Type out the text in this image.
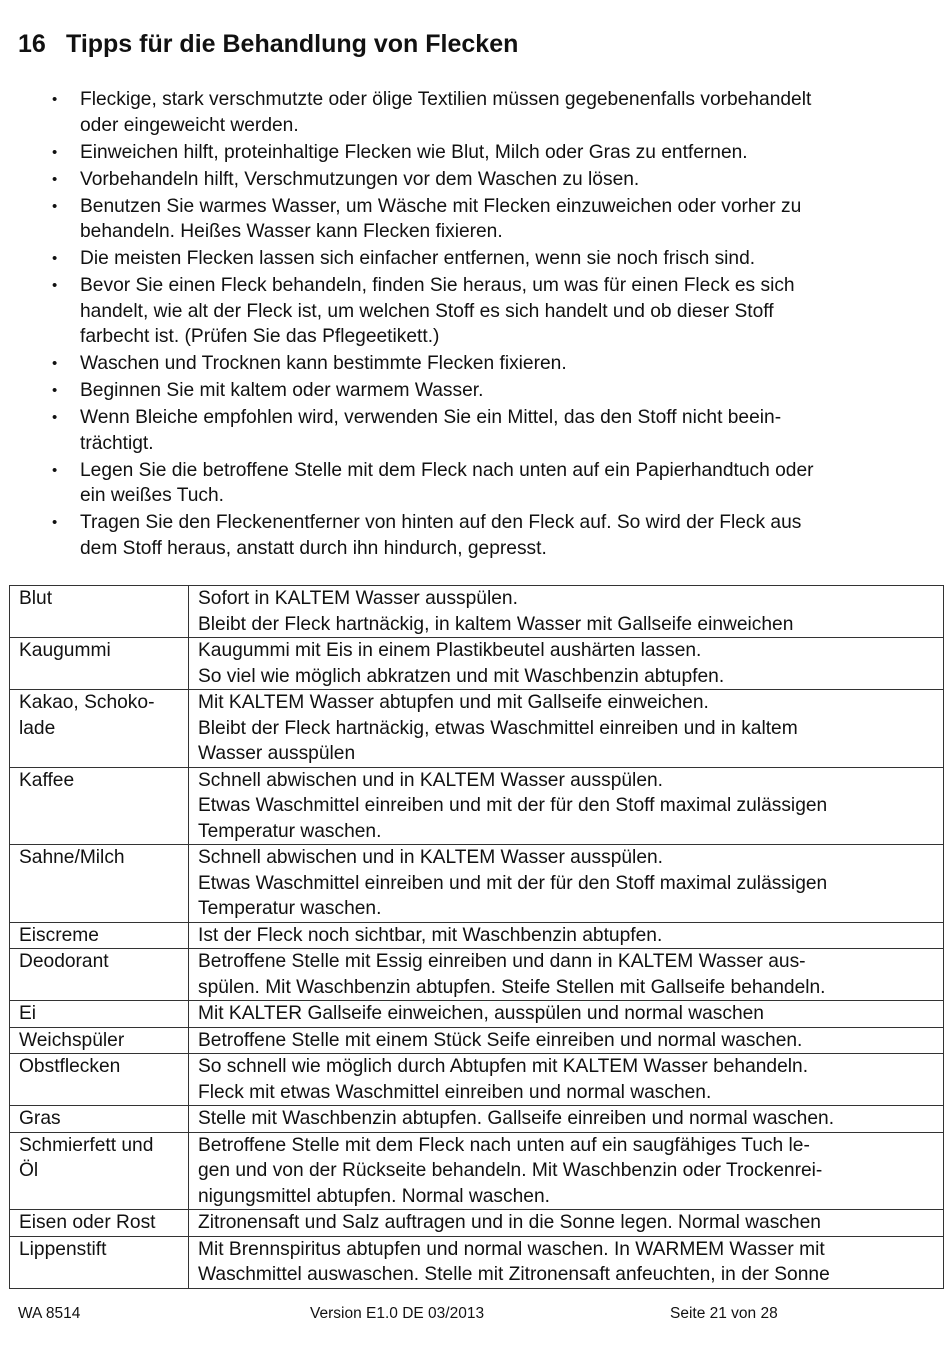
16 Tipps für die Behandlung von Flecken
• Fleckige, stark verschmutzte oder ölige Textilien müssen gegebenenfalls vorbehandelt
oder eingeweicht werden.
• Einweichen hilft, proteinhaltige Flecken wie Blut, Milch oder Gras zu entfernen.
• Vorbehandeln hilft, Verschmutzungen vor dem Waschen zu lösen.
• Benutzen Sie warmes Wasser, um Wäsche mit Flecken einzuweichen oder vorher zu
behandeln. Heißes Wasser kann Flecken fixieren.
• Die meisten Flecken lassen sich einfacher entfernen, wenn sie noch frisch sind.
• Bevor Sie einen Fleck behandeln, finden Sie heraus, um was für einen Fleck es sich
handelt, wie alt der Fleck ist, um welchen Stoff es sich handelt und ob dieser Stoff
farbecht ist. (Prüfen Sie das Pflegeetikett.)
• Waschen und Trocknen kann bestimmte Flecken fixieren.
• Beginnen Sie mit kaltem oder warmem Wasser.
• Wenn Bleiche empfohlen wird, verwenden Sie ein Mittel, das den Stoff nicht beein-
trächtigt.
• Legen Sie die betroffene Stelle mit dem Fleck nach unten auf ein Papierhandtuch oder
ein weißes Tuch.
• Tragen Sie den Fleckenentferner von hinten auf den Fleck auf. So wird der Fleck aus
dem Stoff heraus, anstatt durch ihn hindurch, gepresst.
Blut	Sofort in KALTEM Wasser ausspülen.
Bleibt der Fleck hartnäckig, in kaltem Wasser mit Gallseife einweichen

Kaugummi	Kaugummi mit Eis in einem Plastikbeutel aushärten lassen.
So viel wie möglich abkratzen und mit Waschbenzin abtupfen.

Kakao, Schoko-
lade	Mit KALTEM Wasser abtupfen und mit Gallseife einweichen.
Bleibt der Fleck hartnäckig, etwas Waschmittel einreiben und in kaltem
Wasser ausspülen

Kaffee	Schnell abwischen und in KALTEM Wasser ausspülen.
Etwas Waschmittel einreiben und mit der für den Stoff maximal zulässigen
Temperatur waschen.

Sahne/Milch	Schnell abwischen und in KALTEM Wasser ausspülen.
Etwas Waschmittel einreiben und mit der für den Stoff maximal zulässigen
Temperatur waschen.

Eiscreme	Ist der Fleck noch sichtbar, mit Waschbenzin abtupfen.

Deodorant	Betroffene Stelle mit Essig einreiben und dann in KALTEM Wasser aus-
spülen. Mit Waschbenzin abtupfen. Steife Stellen mit Gallseife behandeln.

Ei	Mit KALTER Gallseife einweichen, ausspülen und normal waschen

Weichspüler	Betroffene Stelle mit einem Stück Seife einreiben und normal waschen.

Obstflecken	So schnell wie möglich durch Abtupfen mit KALTEM Wasser behandeln.
Fleck mit etwas Waschmittel einreiben und normal waschen.

Gras	Stelle mit Waschbenzin abtupfen. Gallseife einreiben und normal waschen.

Schmierfett und
Öl	Betroffene Stelle mit dem Fleck nach unten auf ein saugfähiges Tuch le-
gen und von der Rückseite behandeln. Mit Waschbenzin oder Trockenrei-
nigungsmittel abtupfen. Normal waschen.

Eisen oder Rost	Zitronensaft und Salz auftragen und in die Sonne legen. Normal waschen

Lippenstift	Mit Brennspiritus abtupfen und normal waschen. In WARMEM Wasser mit
Waschmittel auswaschen. Stelle mit Zitronensaft anfeuchten, in der Sonne
WA 8514	Version E1.0 DE 03/2013	Seite 21 von 28
